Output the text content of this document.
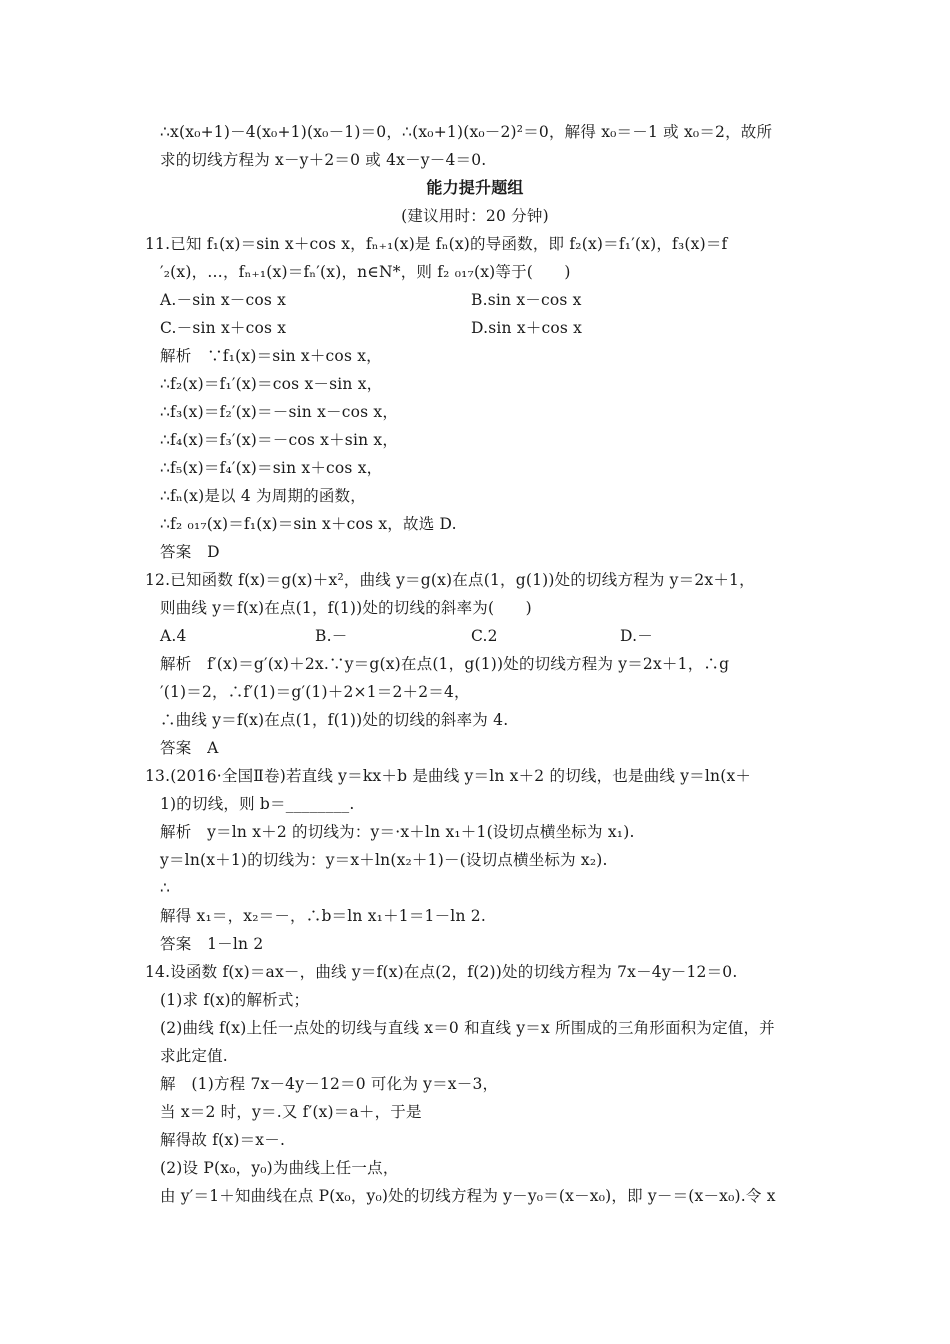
∴x(x₀+1)－4(x₀+1)(x₀－1)＝0，∴(x₀+1)(x₀－2)²＝0，解得 x₀＝－1 或 x₀＝2，故所
求的切线方程为 x－y＋2＝0 或 4x－y－4＝0.
能力提升题组
(建议用时：20 分钟)
11.已知 f₁(x)＝sin x＋cos x，fₙ₊₁(x)是 fₙ(x)的导函数，即 f₂(x)＝f₁′(x)，f₃(x)＝f
′₂(x)，…，fₙ₊₁(x)＝fₙ′(x)，n∈N*，则 f₂ ₀₁₇(x)等于(　　)
A.－sin x－cos x	B.sin x－cos x
C.－sin x＋cos x	D.sin x＋cos x
解析　∵f₁(x)＝sin x＋cos x，
∴f₂(x)＝f₁′(x)＝cos x－sin x，
∴f₃(x)＝f₂′(x)＝－sin x－cos x，
∴f₄(x)＝f₃′(x)＝－cos x＋sin x，
∴f₅(x)＝f₄′(x)＝sin x＋cos x，
∴fₙ(x)是以 4 为周期的函数，
∴f₂ ₀₁₇(x)＝f₁(x)＝sin x＋cos x，故选 D.
答案　D
12.已知函数 f(x)＝g(x)＋x²，曲线 y＝g(x)在点(1，g(1))处的切线方程为 y＝2x＋1，
则曲线 y＝f(x)在点(1，f(1))处的切线的斜率为(　　)
A.4	B.－	C.2	D.－
解析　f′(x)＝g′(x)＋2x.∵y＝g(x)在点(1，g(1))处的切线方程为 y＝2x＋1，∴g
′(1)＝2，∴f′(1)＝g′(1)＋2×1＝2＋2＝4，
∴曲线 y＝f(x)在点(1，f(1))处的切线的斜率为 4.
答案　A
13.(2016·全国Ⅱ卷)若直线 y＝kx＋b 是曲线 y＝ln x＋2 的切线，也是曲线 y＝ln(x＋
1)的切线，则 b＝________.
解析　y＝ln x＋2 的切线为：y＝·x＋ln x₁＋1(设切点横坐标为 x₁).
y＝ln(x＋1)的切线为：y＝x＋ln(x₂＋1)－(设切点横坐标为 x₂).
∴
解得 x₁＝，x₂＝－，∴b＝ln x₁＋1＝1－ln 2.
答案　1－ln 2
14.设函数 f(x)＝ax－，曲线 y＝f(x)在点(2，f(2))处的切线方程为 7x－4y－12＝0.
(1)求 f(x)的解析式；
(2)曲线 f(x)上任一点处的切线与直线 x＝0 和直线 y＝x 所围成的三角形面积为定值，并
求此定值.
解　(1)方程 7x－4y－12＝0 可化为 y＝x－3，
当 x＝2 时，y＝.又 f′(x)＝a＋，于是
解得故 f(x)＝x－.
(2)设 P(x₀，y₀)为曲线上任一点，
由 y′＝1＋知曲线在点 P(x₀，y₀)处的切线方程为 y－y₀＝(x－x₀)，即 y－＝(x－x₀).令 x
